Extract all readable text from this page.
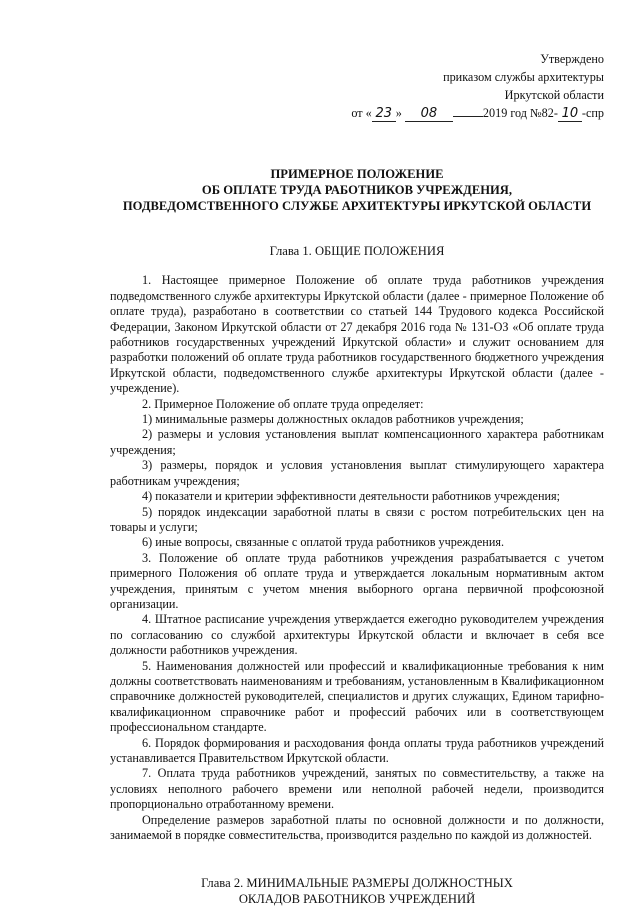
Утверждено
приказом службы архитектуры
Иркутской области
от « 23 » 08	2019 год №82- 10 -спр
ПРИМЕРНОЕ ПОЛОЖЕНИЕ
ОБ ОПЛАТЕ ТРУДА РАБОТНИКОВ УЧРЕЖДЕНИЯ,
ПОДВЕДОМСТВЕННОГО СЛУЖБЕ АРХИТЕКТУРЫ ИРКУТСКОЙ ОБЛАСТИ
Глава 1. ОБЩИЕ ПОЛОЖЕНИЯ

1. Настоящее примерное Положение об оплате труда работников учреждения подведомственного службе архитектуры Иркутской области (далее - примерное Положение об оплате труда), разработано в соответствии со статьей 144 Трудового кодекса Российской Федерации, Законом Иркутской области от 27 декабря 2016 года № 131-ОЗ «Об оплате труда работников государственных учреждений Иркутской области» и служит основанием для разработки положений об оплате труда работников государственного бюджетного учреждения Иркутской области, подведомственного службе архитектуры Иркутской области (далее - учреждение).

2. Примерное Положение об оплате труда определяет:

1) минимальные размеры должностных окладов работников учреждения;

2) размеры и условия установления выплат компенсационного характера работникам учреждения;

3) размеры, порядок и условия установления выплат стимулирующего характера работникам учреждения;

4) показатели и критерии эффективности деятельности работников учреждения;

5) порядок индексации заработной платы в связи с ростом потребительских цен на товары и услуги;

6) иные вопросы, связанные с оплатой труда работников учреждения.

3. Положение об оплате труда работников учреждения разрабатывается с учетом примерного Положения об оплате труда и утверждается локальным нормативным актом учреждения, принятым с учетом мнения выборного органа первичной профсоюзной организации.

4. Штатное расписание учреждения утверждается ежегодно руководителем учреждения по согласованию со службой архитектуры Иркутской области и включает в себя все должности работников учреждения.

5. Наименования должностей или профессий и квалификационные требования к ним должны соответствовать наименованиям и требованиям, установленным в Квалификационном справочнике должностей руководителей, специалистов и других служащих, Едином тарифно-квалификационном справочнике работ и профессий рабочих или в соответствующем профессиональном стандарте.

6. Порядок формирования и расходования фонда оплаты труда работников учреждений устанавливается Правительством Иркутской области.

7. Оплата труда работников учреждений, занятых по совместительству, а также на условиях неполного рабочего времени или неполной рабочей недели, производится пропорционально отработанному времени.

Определение размеров заработной платы по основной должности и по должности, занимаемой в порядке совместительства, производится раздельно по каждой из должностей.

Глава 2. МИНИМАЛЬНЫЕ РАЗМЕРЫ ДОЛЖНОСТНЫХ
ОКЛАДОВ РАБОТНИКОВ УЧРЕЖДЕНИЙ
